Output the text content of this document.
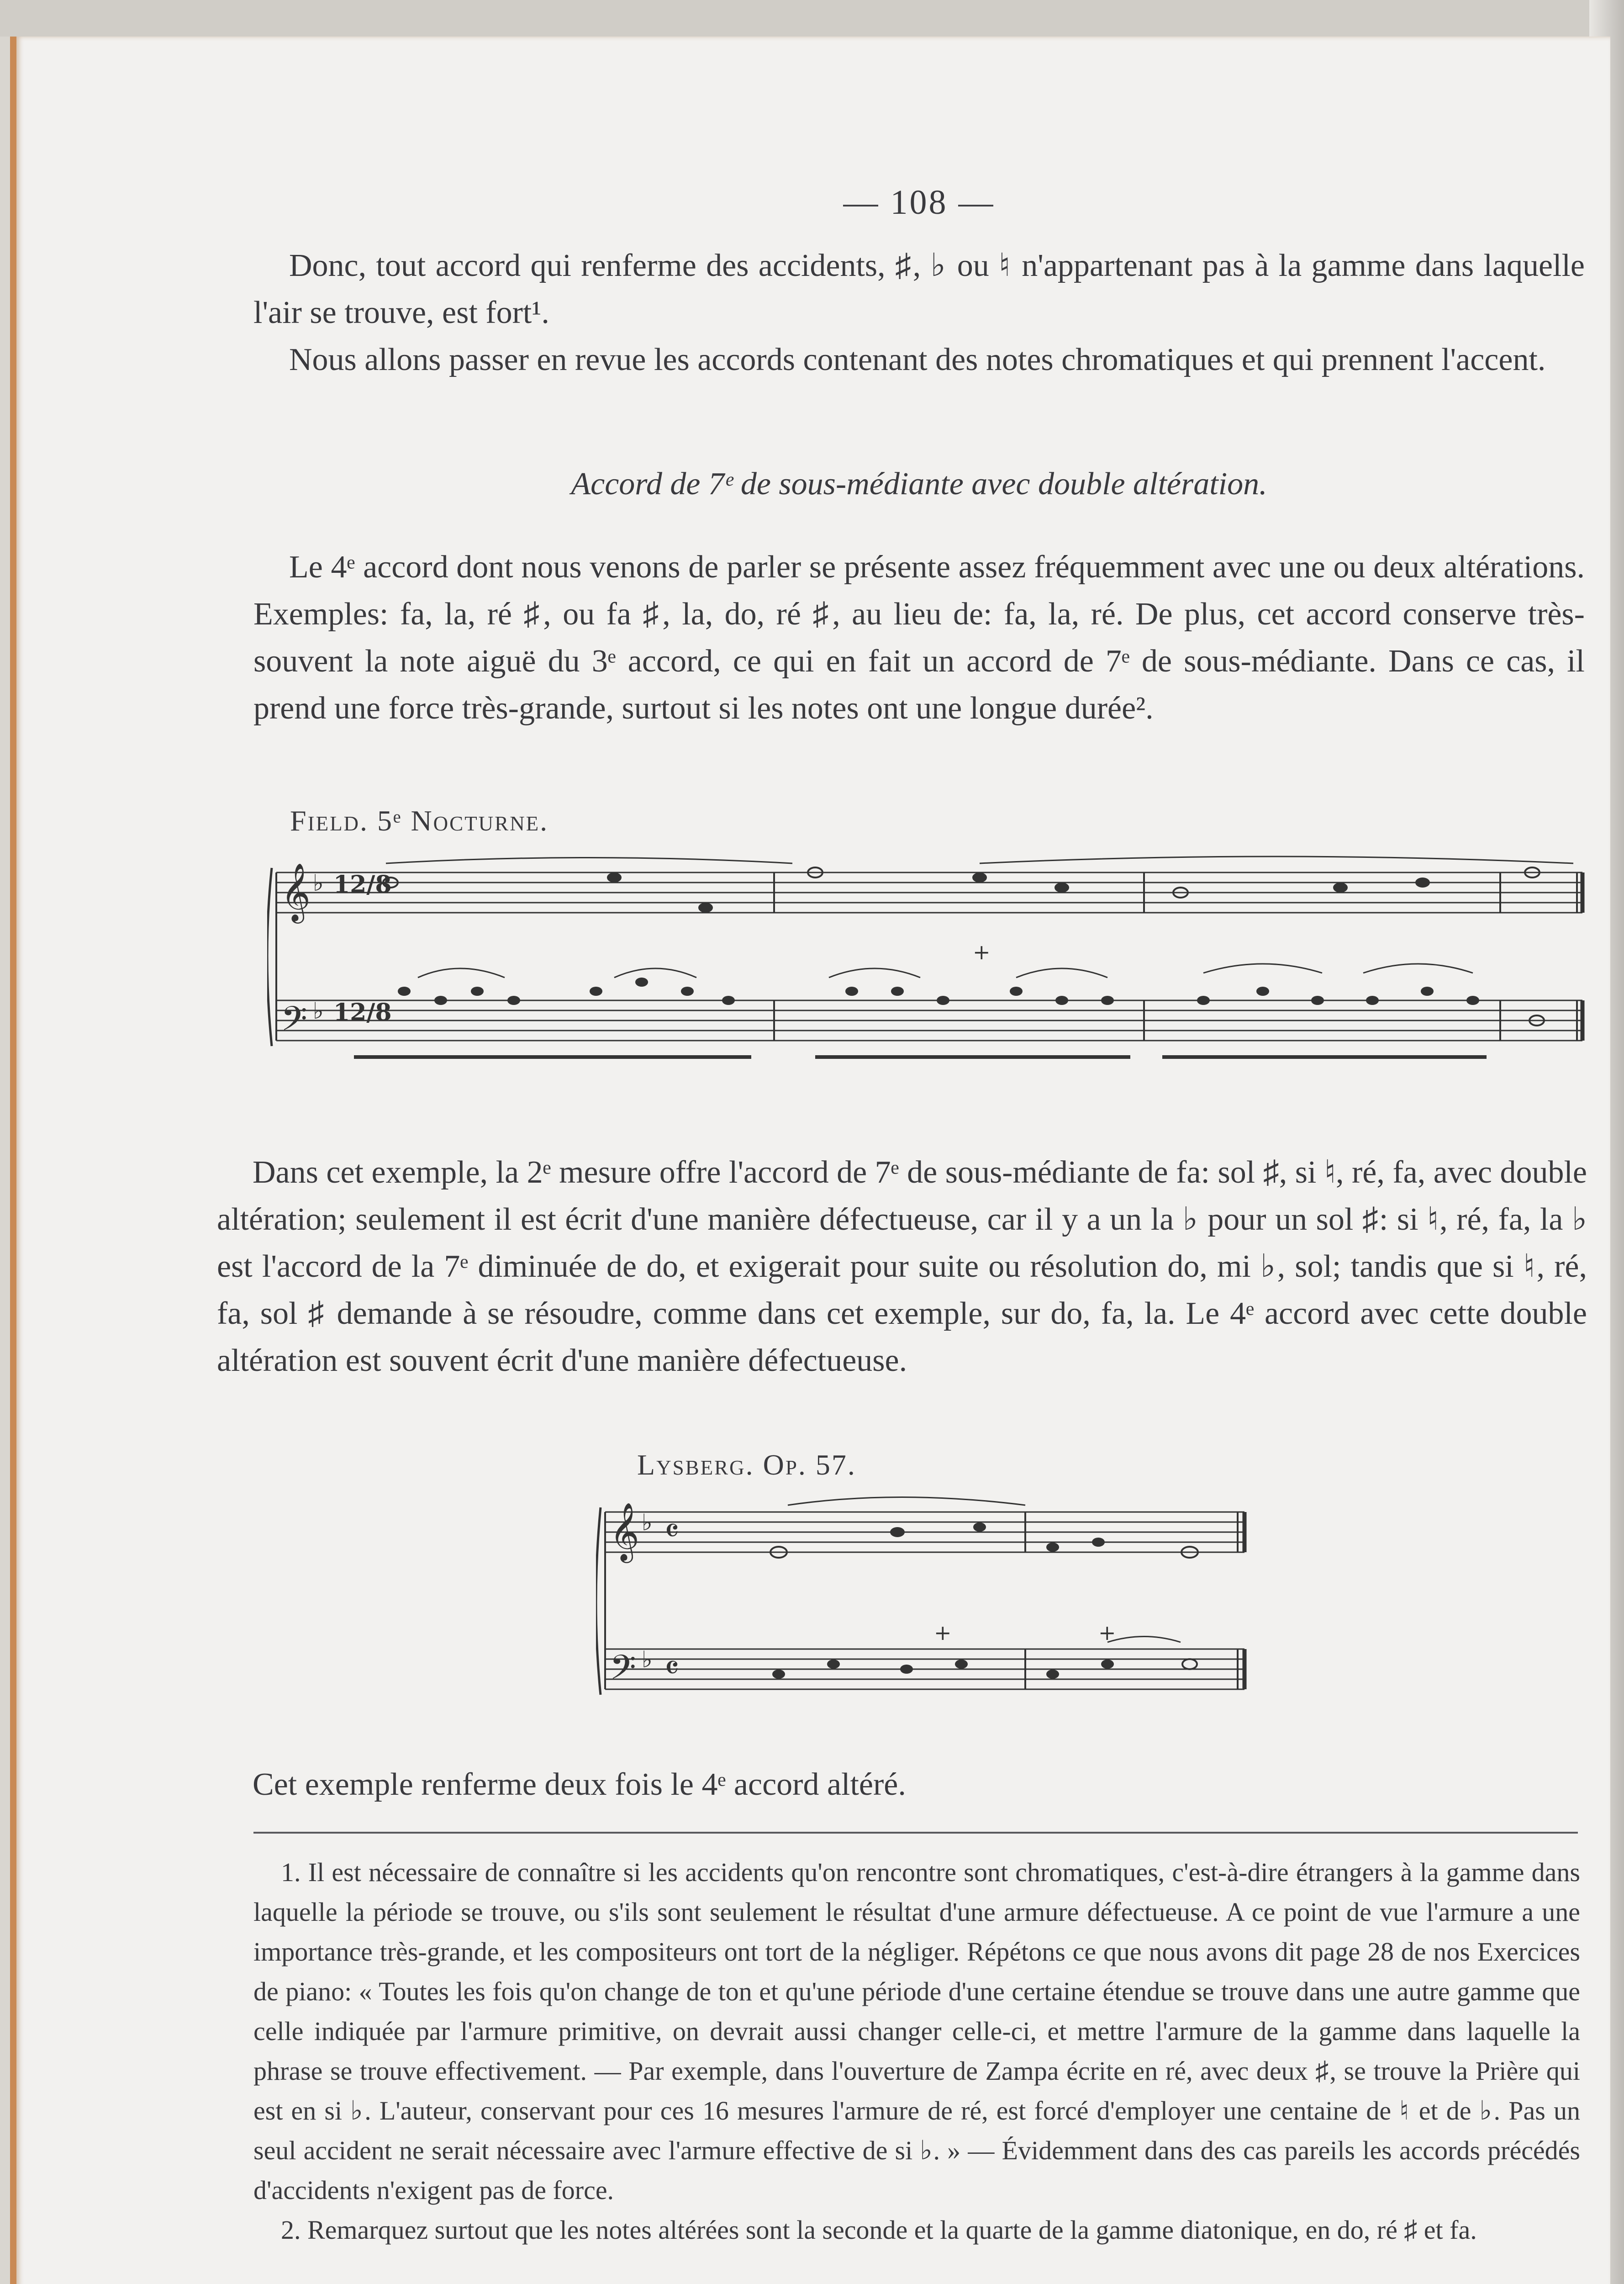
— 108 —

Donc, tout accord qui renferme des accidents, ♯, ♭ ou ♮ n'appartenant pas à la gamme dans laquelle l'air se trouve, est fort¹.

Nous allons passer en revue les accords contenant des notes chromatiques et qui prennent l'accent.

Accord de 7ᵉ de sous-médiante avec double altération.

Le 4ᵉ accord dont nous venons de parler se présente assez fréquemment avec une ou deux altérations. Exemples: fa, la, ré ♯, ou fa ♯, la, do, ré ♯, au lieu de: fa, la, ré. De plus, cet accord conserve très-souvent la note aiguë du 3ᵉ accord, ce qui en fait un accord de 7ᵉ de sous-médiante. Dans ce cas, il prend une force très-grande, surtout si les notes ont une longue durée².

Field. 5ᵉ Nocturne.
𝄞
𝄢
♭
♭
12/8
12/8
+

Dans cet exemple, la 2ᵉ mesure offre l'accord de 7ᵉ de sous-médiante de fa: sol ♯, si ♮, ré, fa, avec double altération; seulement il est écrit d'une manière défectueuse, car il y a un la ♭ pour un sol ♯: si ♮, ré, fa, la ♭ est l'accord de la 7ᵉ diminuée de do, et exigerait pour suite ou résolution do, mi ♭, sol; tandis que si ♮, ré, fa, sol ♯ demande à se résoudre, comme dans cet exemple, sur do, fa, la. Le 4ᵉ accord avec cette double altération est souvent écrit d'une manière défectueuse.

Lysberg. Op. 57.
𝄞
𝄢
♭
♭
𝄴
𝄴
+	+

Cet exemple renferme deux fois le 4ᵉ accord altéré.

1. Il est nécessaire de connaître si les accidents qu'on rencontre sont chromatiques, c'est-à-dire étrangers à la gamme dans laquelle la période se trouve, ou s'ils sont seulement le résultat d'une armure défectueuse. A ce point de vue l'armure a une importance très-grande, et les compositeurs ont tort de la négliger. Répétons ce que nous avons dit page 28 de nos Exercices de piano: « Toutes les fois qu'on change de ton et qu'une période d'une certaine étendue se trouve dans une autre gamme que celle indiquée par l'armure primitive, on devrait aussi changer celle-ci, et mettre l'armure de la gamme dans laquelle la phrase se trouve effectivement. — Par exemple, dans l'ouverture de Zampa écrite en ré, avec deux ♯, se trouve la Prière qui est en si ♭. L'auteur, conservant pour ces 16 mesures l'armure de ré, est forcé d'employer une centaine de ♮ et de ♭. Pas un seul accident ne serait nécessaire avec l'armure effective de si ♭. » — Évidemment dans des cas pareils les accords précédés d'accidents n'exigent pas de force.

2. Remarquez surtout que les notes altérées sont la seconde et la quarte de la gamme diatonique, en do, ré ♯ et fa.
